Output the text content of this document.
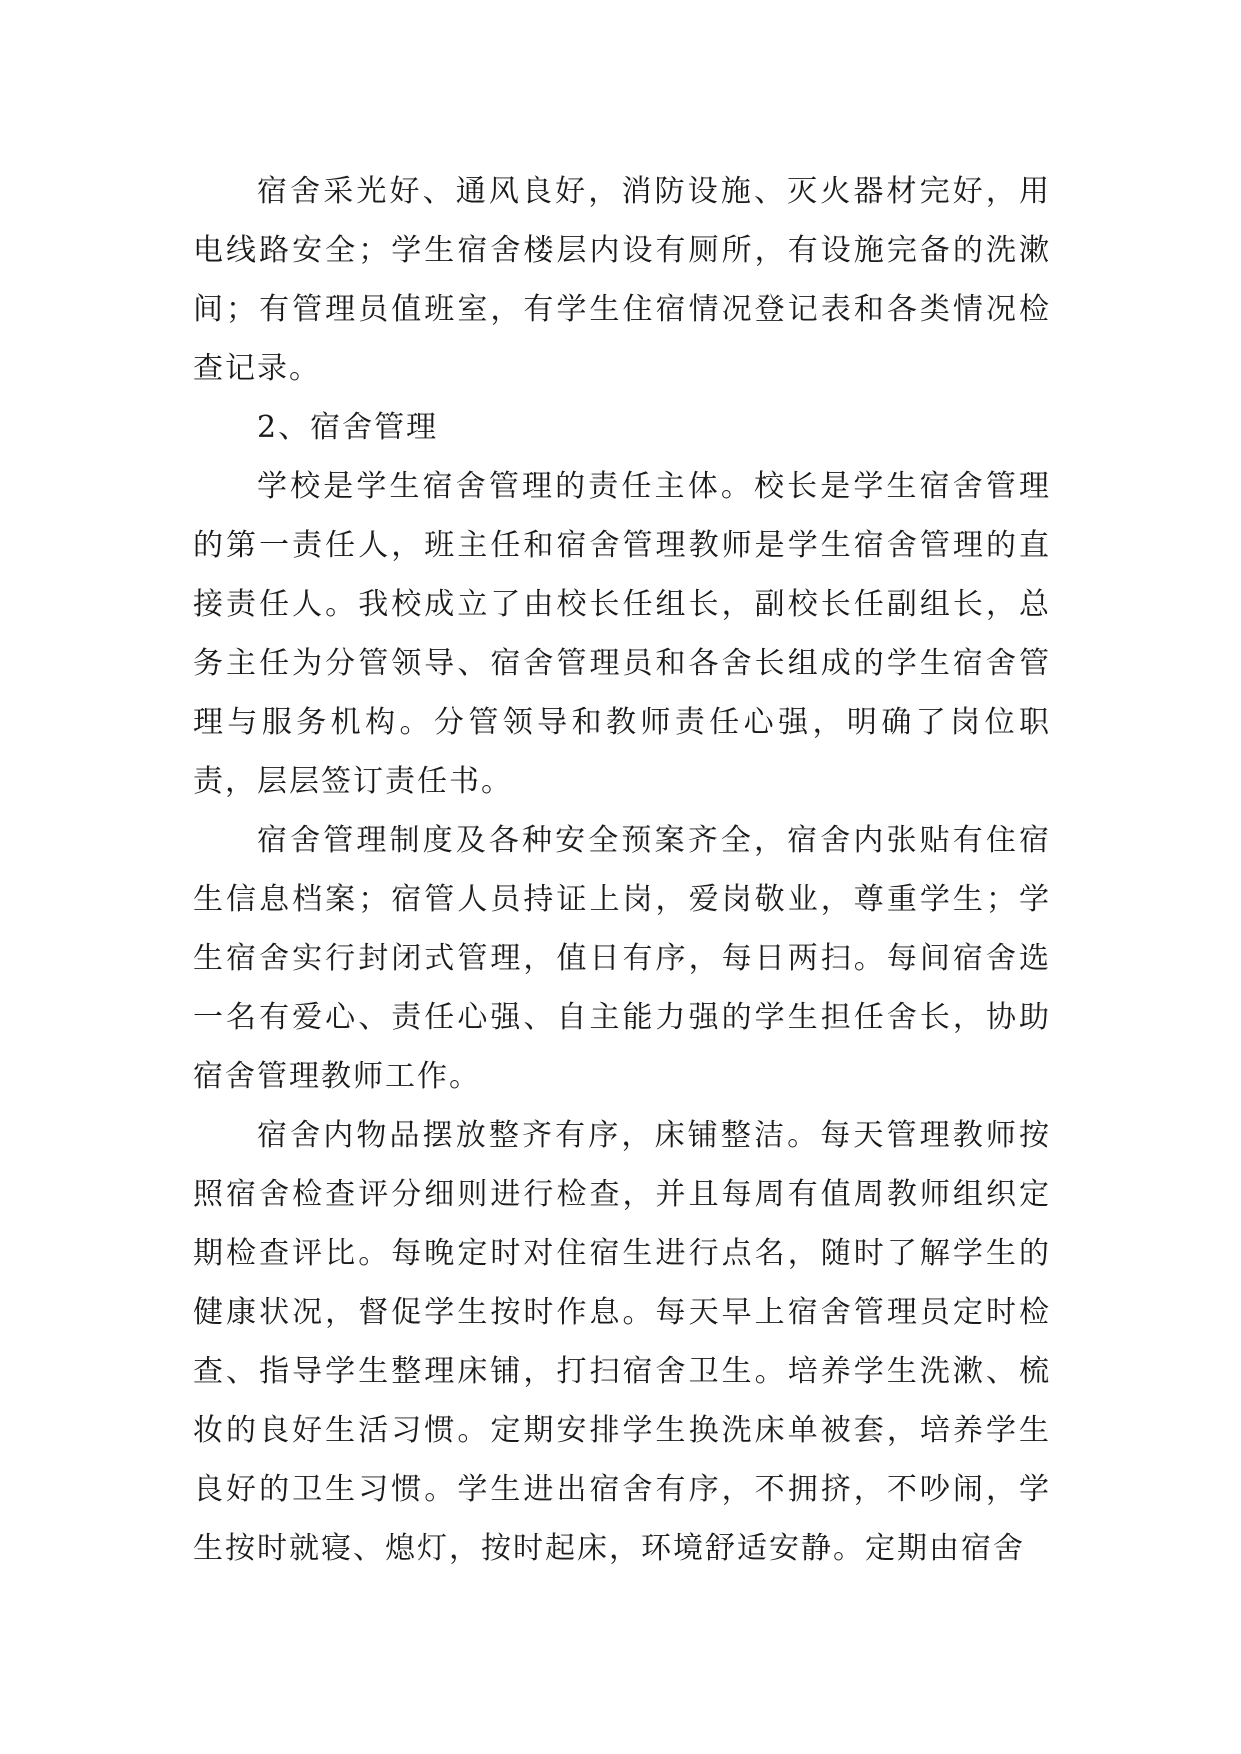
宿舍采光好、通风良好，消防设施、灭火器材完好，用电线路安全；学生宿舍楼层内设有厕所，有设施完备的洗漱间；有管理员值班室，有学生住宿情况登记表和各类情况检查记录。

2、宿舍管理

学校是学生宿舍管理的责任主体。校长是学生宿舍管理的第一责任人，班主任和宿舍管理教师是学生宿舍管理的直接责任人。我校成立了由校长任组长，副校长任副组长，总务主任为分管领导、宿舍管理员和各舍长组成的学生宿舍管理与服务机构。分管领导和教师责任心强，明确了岗位职责，层层签订责任书。

宿舍管理制度及各种安全预案齐全，宿舍内张贴有住宿生信息档案；宿管人员持证上岗，爱岗敬业，尊重学生；学生宿舍实行封闭式管理，值日有序，每日两扫。每间宿舍选一名有爱心、责任心强、自主能力强的学生担任舍长，协助宿舍管理教师工作。

宿舍内物品摆放整齐有序，床铺整洁。每天管理教师按照宿舍检查评分细则进行检查，并且每周有值周教师组织定期检查评比。每晚定时对住宿生进行点名，随时了解学生的健康状况，督促学生按时作息。每天早上宿舍管理员定时检查、指导学生整理床铺，打扫宿舍卫生。培养学生洗漱、梳妆的良好生活习惯。定期安排学生换洗床单被套，培养学生良好的卫生习惯。学生进出宿舍有序，不拥挤，不吵闹，学生按时就寝、熄灯，按时起床，环境舒适安静。定期由宿舍
